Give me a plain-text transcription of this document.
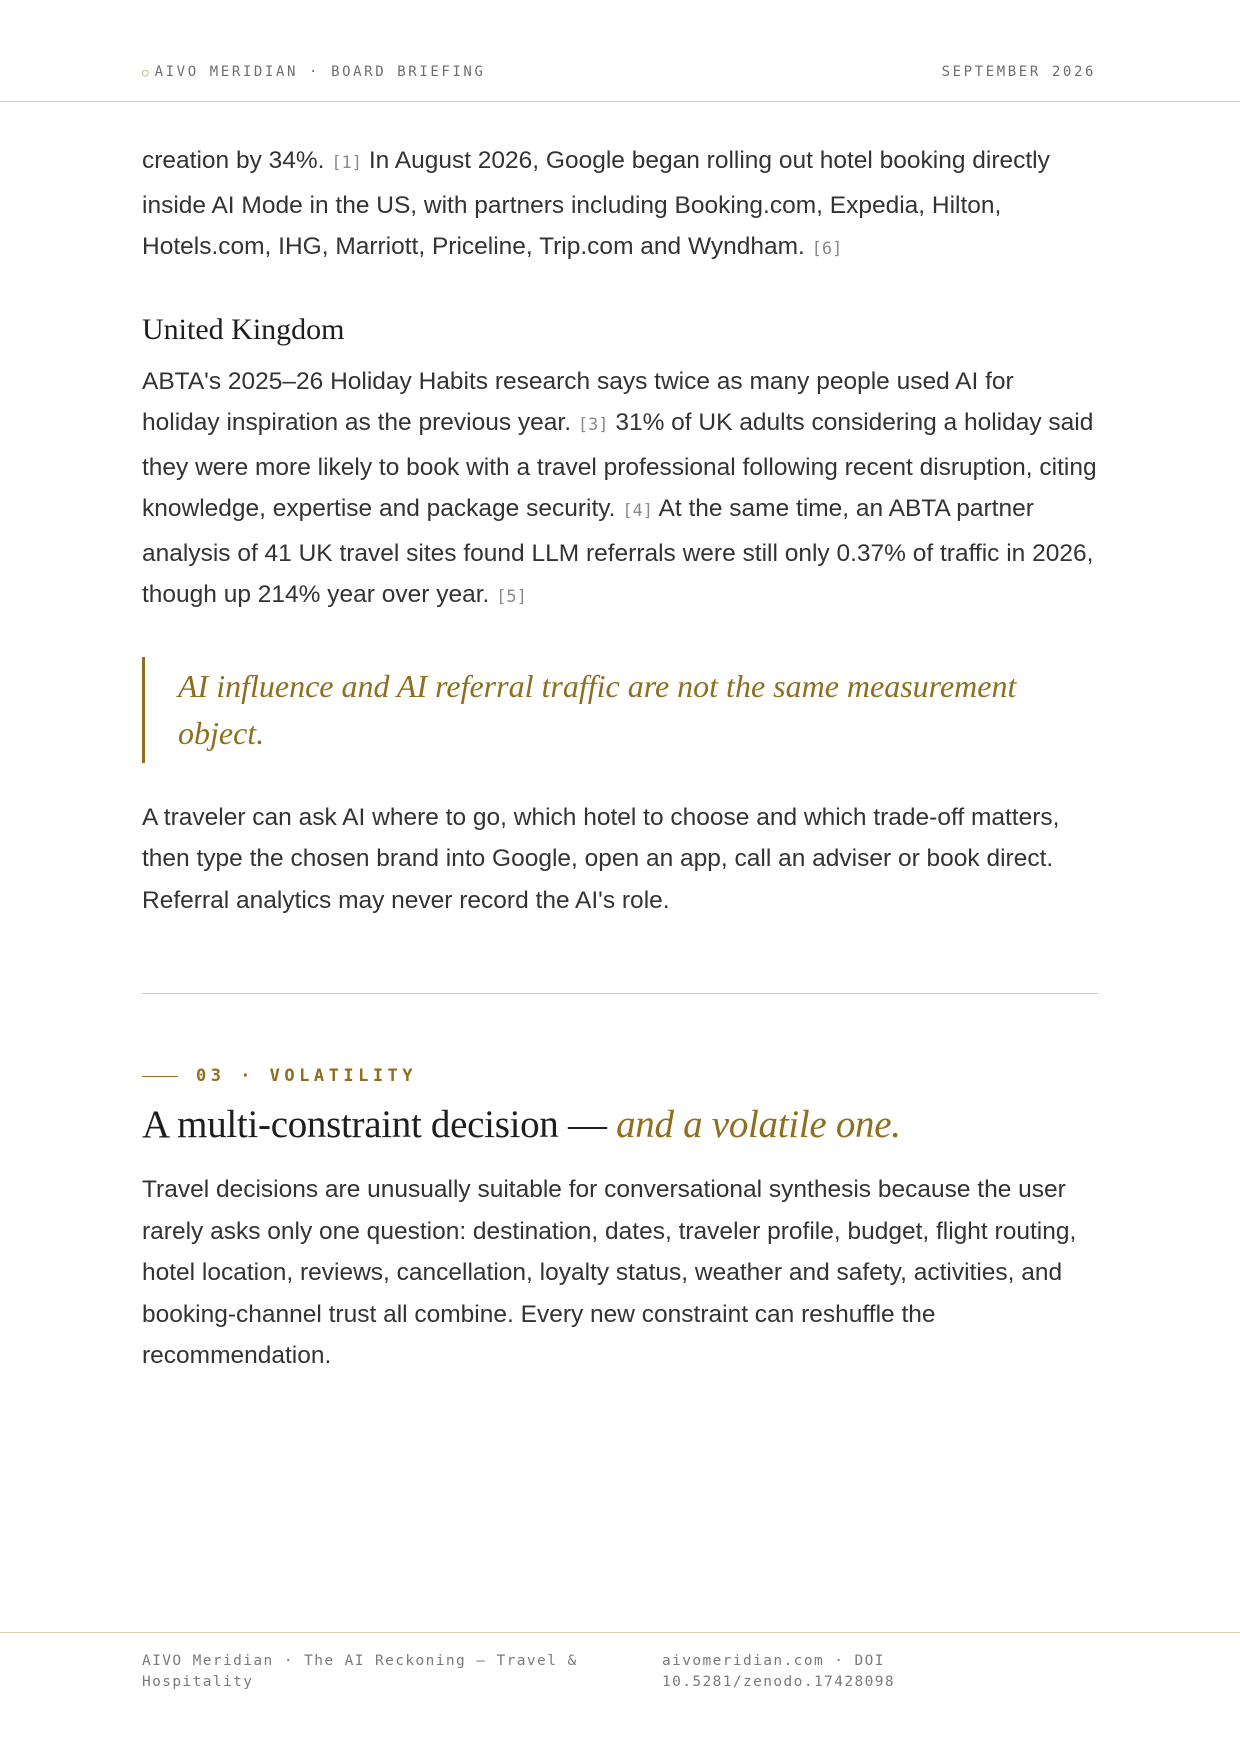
○ AIVO MERIDIAN · BOARD BRIEFING	SEPTEMBER 2026

creation by 34%. [1] In August 2026, Google began rolling out hotel booking directly inside AI Mode in the US, with partners including Booking.com, Expedia, Hilton, Hotels.com, IHG, Marriott, Priceline, Trip.com and Wyndham. [6]

United Kingdom

ABTA's 2025–26 Holiday Habits research says twice as many people used AI for holiday inspiration as the previous year. [3] 31% of UK adults considering a holiday said they were more likely to book with a travel professional following recent disruption, citing knowledge, expertise and package security. [4] At the same time, an ABTA partner analysis of 41 UK travel sites found LLM referrals were still only 0.37% of traffic in 2026, though up 214% year over year. [5]

AI influence and AI referral traffic are not the same measurement object.

A traveler can ask AI where to go, which hotel to choose and which trade-off matters, then type the chosen brand into Google, open an app, call an adviser or book direct. Referral analytics may never record the AI's role.

03 · VOLATILITY
A multi-constraint decision — and a volatile one.

Travel decisions are unusually suitable for conversational synthesis because the user rarely asks only one question: destination, dates, traveler profile, budget, flight routing, hotel location, reviews, cancellation, loyalty status, weather and safety, activities, and booking-channel trust all combine. Every new constraint can reshuffle the recommendation.

AIVO Meridian · The AI Reckoning — Travel & Hospitality
aivomeridian.com · DOI 10.5281/zenodo.17428098
